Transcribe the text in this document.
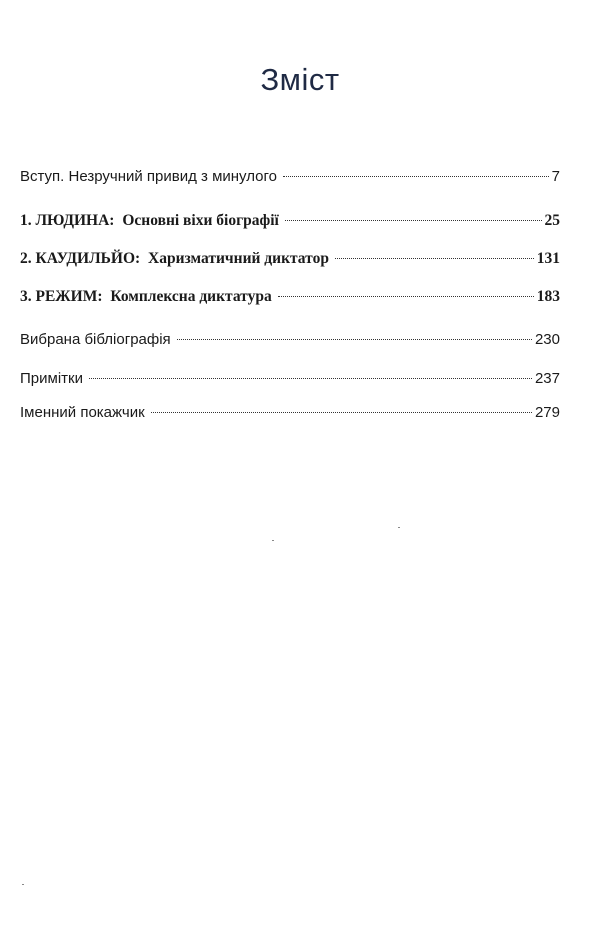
Зміст
Вступ. Незручний привид з минулого	7
1. ЛЮДИНА: Основні віхи біографії	25
2. КАУДИЛЬЙО: Харизматичний диктатор	131
3. РЕЖИМ: Комплексна диктатура	183
Вибрана бібліографія	230
Примітки	237
Іменний покажчик	279
